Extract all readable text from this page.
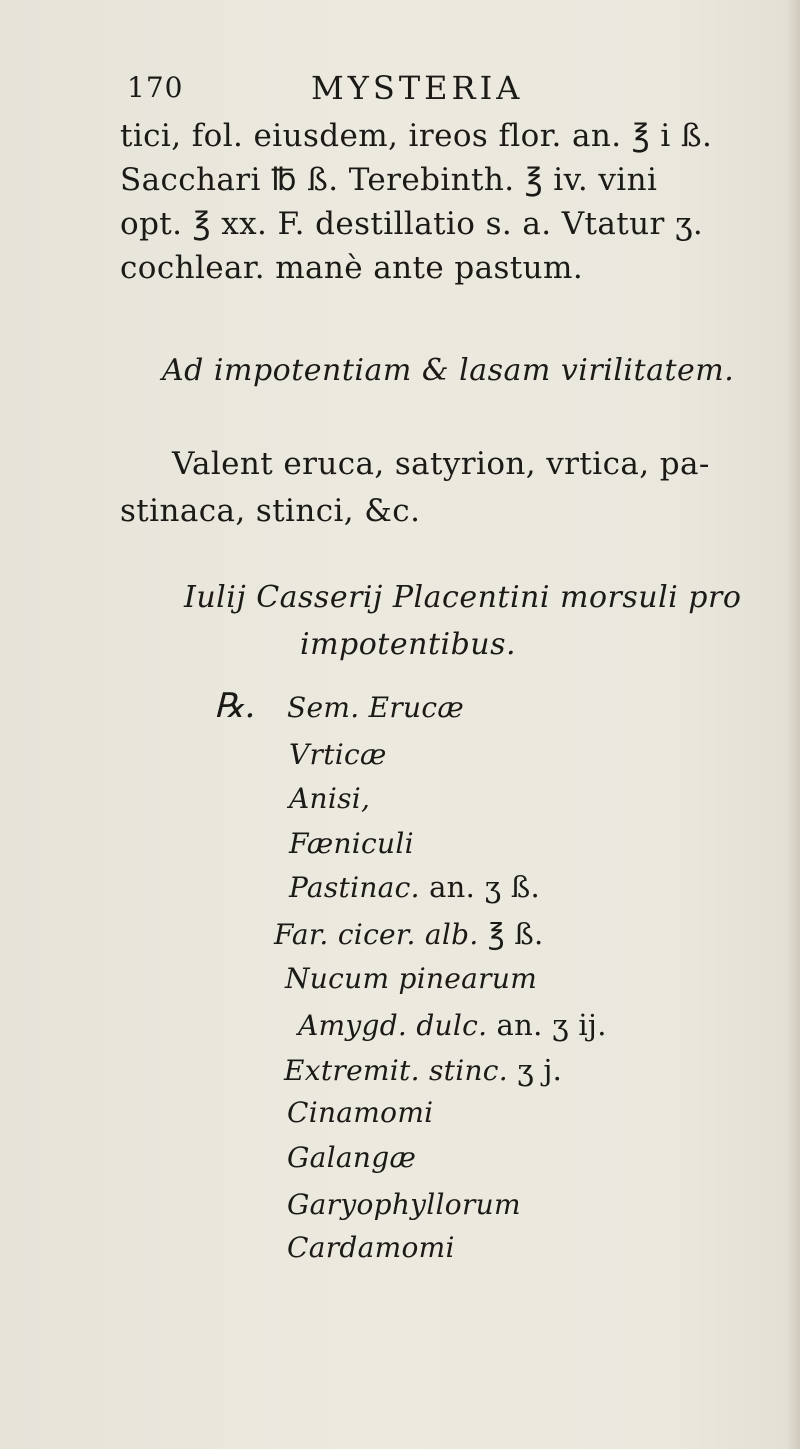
170	MYSTERIA
tici, fol. eiusdem, ireos flor. an. ℥ i ß.
Sacchari ℔ ß. Terebinth. ℥ iv. vini
opt. ℥ xx. F. destillatio s. a. Vtatur ʒ.
cochlear. manè ante pastum.
Ad impotentiam & lasam virilitatem.
Valent eruca, satyrion, vrtica, pa-
stinaca, stinci, &c.
Iulij Casserij Placentini morsuli pro
impotentibus.
℞. Sem. Erucæ
Vrticæ
Anisi,
Fæniculi
Pastinac. an. ʒ ß.
Far. cicer. alb. ℥ ß.
Nucum pinearum
Amygd. dulc. an. ʒ ij.
Extremit. stinc. ʒ j.
Cinamomi
Galangæ
Garyophyllorum
Cardamomi
